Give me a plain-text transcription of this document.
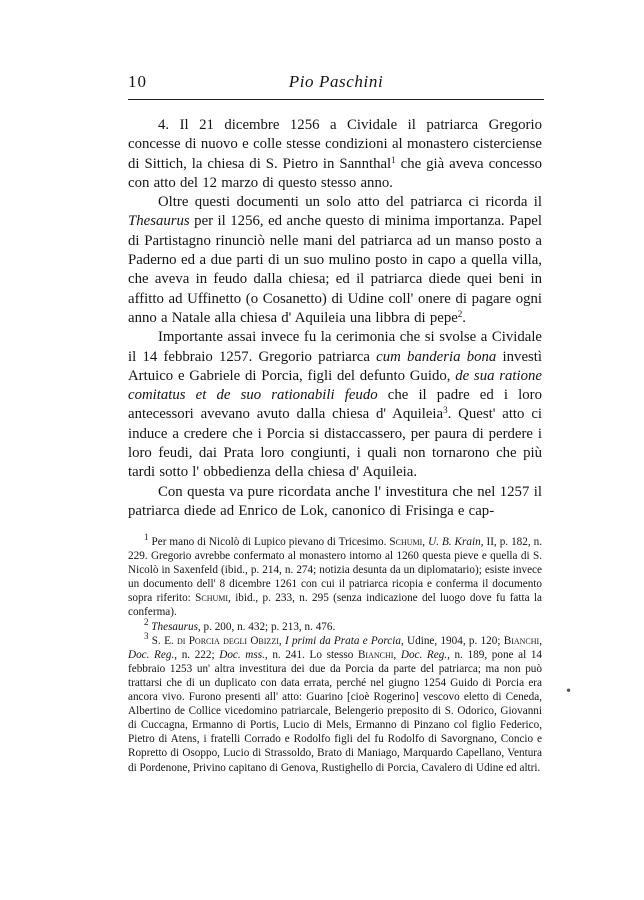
10	Pio Paschini

4. Il 21 dicembre 1256 a Cividale il patriarca Gregorio concesse di nuovo e colle stesse condizioni al monastero cisterciense di Sittich, la chiesa di S. Pietro in Sannthal$^1$ che già aveva concesso con atto del 12 marzo di questo stesso anno.

Oltre questi documenti un solo atto del patriarca ci ricorda il Thesaurus per il 1256, ed anche questo di minima importanza. Papel di Partistagno rinunciò nelle mani del patriarca ad un manso posto a Paderno ed a due parti di un suo mulino posto in capo a quella villa, che aveva in feudo dalla chiesa; ed il patriarca diede quei beni in affitto ad Uffinetto (o Cosanetto) di Udine coll' onere di pagare ogni anno a Natale alla chiesa d' Aquileia una libbra di pepe$^2$.

Importante assai invece fu la cerimonia che si svolse a Cividale il 14 febbraio 1257. Gregorio patriarca cum banderia bona investì Artuico e Gabriele di Porcia, figli del defunto Guido, de sua ratione comitatus et de suo rationabili feudo che il padre ed i loro antecessori avevano avuto dalla chiesa d' Aquileia$^3$. Quest' atto ci induce a credere che i Porcia si distaccassero, per paura di perdere i loro feudi, dai Prata loro congiunti, i quali non tornarono che più tardi sotto l' obbedienza della chiesa d' Aquileia.

Con questa va pure ricordata anche l' investitura che nel 1257 il patriarca diede ad Enrico de Lok, canonico di Frisinga e cap-

$^1$ Per mano di Nicolò di Lupico pievano di Tricesimo. Schumi, U. B. Krain, II, p. 182, n. 229. Gregorio avrebbe confermato al monastero intorno al 1260 questa pieve e quella di S. Nicolò in Saxenfeld (ibid., p. 214, n. 274; notizia desunta da un diplomatario); esiste invece un documento dell' 8 dicembre 1261 con cui il patriarca ricopia e conferma il documento sopra riferito: Schumi, ibid., p. 233, n. 295 (senza indicazione del luogo dove fu fatta la conferma).

$^2$ Thesaurus, p. 200, n. 432; p. 213, n. 476.

$^3$ S. E. di Porcia degli Obizzi, I primi da Prata e Porcia, Udine, 1904, p. 120; Bianchi, Doc. Reg., n. 222; Doc. mss., n. 241. Lo stesso Bianchi, Doc. Reg., n. 189, pone al 14 febbraio 1253 un' altra investitura dei due da Porcia da parte del patriarca; ma non può trattarsi che di un duplicato con data errata, perché nel giugno 1254 Guido di Porcia era ancora vivo. Furono presenti all' atto: Guarino [cioè Rogerino] vescovo eletto di Ceneda, Albertino de Collice vicedomino patriarcale, Belengerio preposito di S. Odorico, Giovanni di Cuccagna, Ermanno di Portis, Lucio di Mels, Ermanno di Pinzano col figlio Federico, Pietro di Atens, i fratelli Corrado e Rodolfo figli del fu Rodolfo di Savorgnano, Concio e Ropretto di Osoppo, Lucio di Strassoldo, Brato di Maniago, Marquardo Capellano, Ventura di Pordenone, Privino capitano di Genova, Rustighello di Porcia, Cavalero di Udine ed altri.

•
